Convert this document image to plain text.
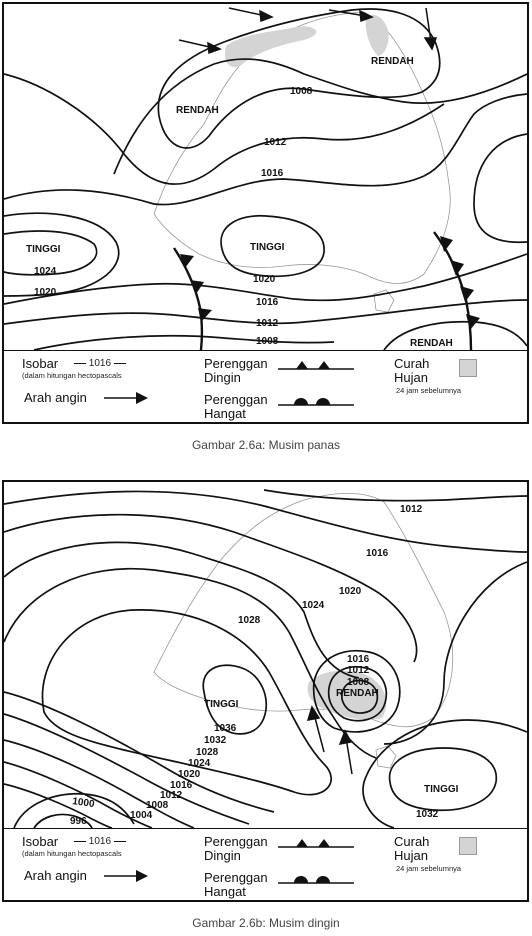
RENDAH
RENDAH
TINGGI	TINGGI
RENDAH
1008
1012
1016
1024
1020
1020
1016
1012
1008
Isobar	1016
(dalam hitungan hectopascals
Arah angin
Perenggan
Dingin
Perenggan
Hangat
Curah
Hujan
24 jam sebelumnya
Gambar 2.6a: Musim panas
TINGGI
RENDAH
TINGGI
1012
1016
1020
1024
1028
1016
1012
1008
1036
1032
1028
1024
1020
1016
1012
1008
1004
1000
996
1032
Isobar	1016
(dalam hitungan hectopascals
Arah angin
Perenggan
Dingin
Perenggan
Hangat
Curah
Hujan
24 jam sebelumnya
Gambar 2.6b: Musim dingin
